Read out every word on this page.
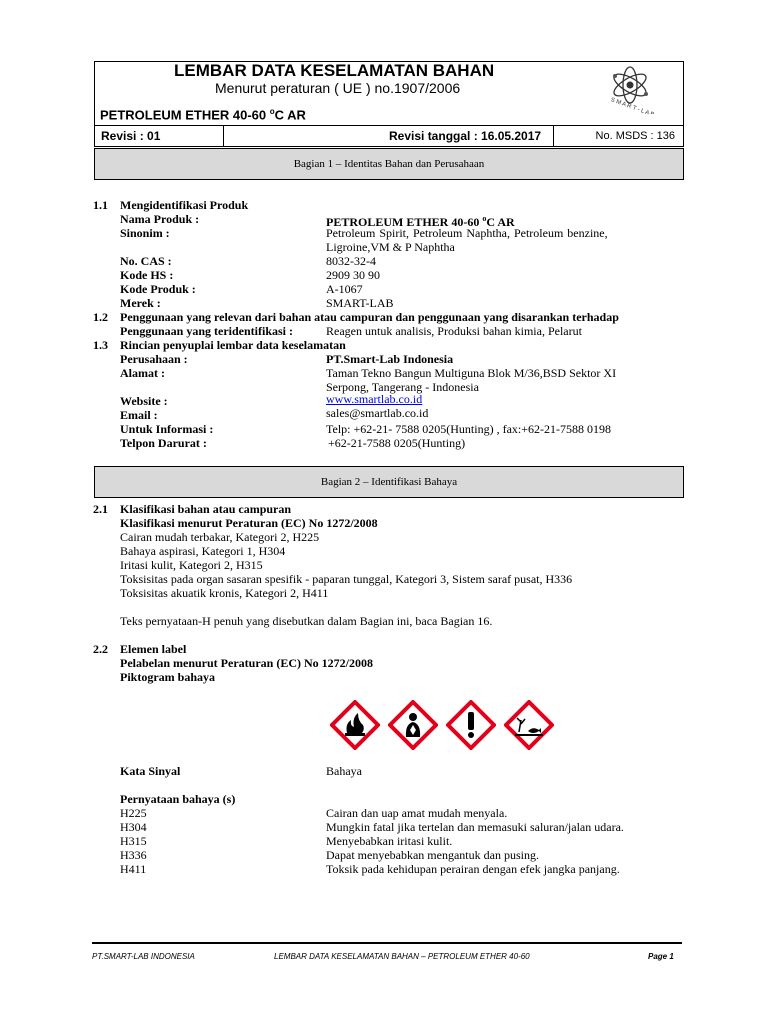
LEMBAR DATA KESELAMATAN BAHAN
Menurut peraturan ( UE ) no.1907/2006
PETROLEUM ETHER 40-60 $^o$C AR	S M A R T - L A B
Revisi : 01	Revisi tanggal : 16.05.2017	No. MSDS : 136
Bagian 1 – Identitas Bahan dan Perusahaan
1.1 Mengidentifikasi Produk
Nama Produk :	PETROLEUM ETHER 40-60 $^o$C AR
Sinonim :	Petroleum Spirit, Petroleum Naphtha, Petroleum benzine,
Ligroine,VM & P Naphtha
No. CAS :	8032-32-4
Kode HS :	2909 30 90
Kode Produk :	A-1067
Merek :	SMART-LAB
1.2 Penggunaan yang relevan dari bahan atau campuran dan penggunaan yang disarankan terhadap
Penggunaan yang teridentifikasi :	Reagen untuk analisis, Produksi bahan kimia, Pelarut
1.3 Rincian penyuplai lembar data keselamatan
Perusahaan :	PT.Smart-Lab Indonesia
Alamat :	Taman Tekno Bangun Multiguna Blok M/36,BSD Sektor XI
Serpong, Tangerang - Indonesia
Website :	www.smartlab.co.id
Email :	sales@smartlab.co.id
Untuk Informasi :	Telp: +62-21- 7588 0205(Hunting) , fax:+62-21-7588 0198
Telpon Darurat :	+62-21-7588 0205(Hunting)
Bagian 2 – Identifikasi Bahaya
2.1 Klasifikasi bahan atau campuran
Klasifikasi menurut Peraturan (EC) No 1272/2008
Cairan mudah terbakar, Kategori 2, H225
Bahaya aspirasi, Kategori 1, H304
Iritasi kulit, Kategori 2, H315
Toksisitas pada organ sasaran spesifik - paparan tunggal, Kategori 3, Sistem saraf pusat, H336
Toksisitas akuatik kronis, Kategori 2, H411
Teks pernyataan-H penuh yang disebutkan dalam Bagian ini, baca Bagian 16.
2.2 Elemen label
Pelabelan menurut Peraturan (EC) No 1272/2008
Piktogram bahaya
Kata Sinyal	Bahaya
Pernyataan bahaya (s)
H225	Cairan dan uap amat mudah menyala.
H304	Mungkin fatal jika tertelan dan memasuki saluran/jalan udara.
H315	Menyebabkan iritasi kulit.
H336	Dapat menyebabkan mengantuk dan pusing.
H411	Toksik pada kehidupan perairan dengan efek jangka panjang.
PT.SMART-LAB INDONESIA	LEMBAR DATA KESELAMATAN BAHAN – PETROLEUM ETHER 40-60	Page 1
